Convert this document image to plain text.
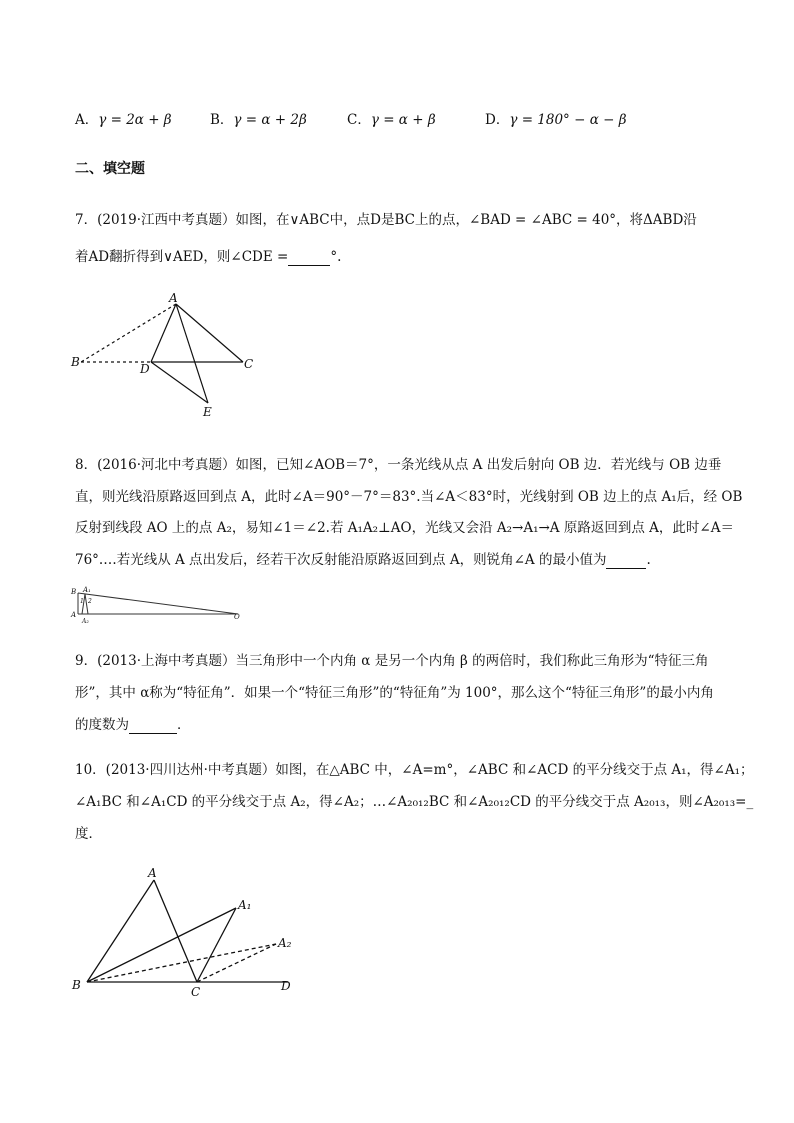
A．γ = 2α + β	B．γ = α + 2β	C．γ = α + β	D．γ = 180° − α − β
二、填空题
7．(2019·江西中考真题）如图，在∨ABC中，点D是BC上的点，∠BAD = ∠ABC = 40°，将ΔABD沿
着AD翻折得到∨AED，则∠CDE =	°.
A
B	C
D
E
8．(2016·河北中考真题）如图，已知∠AOB＝7°，一条光线从点 A 出发后射向 OB 边．若光线与 OB 边垂
直，则光线沿原路返回到点 A，此时∠A＝90°－7°＝83°.当∠A＜83°时，光线射到 OB 边上的点 A₁后，经 OB
反射到线段 AO 上的点 A₂，易知∠1＝∠2.若 A₁A₂⊥AO，光线又会沿 A₂→A₁→A 原路返回到点 A，此时∠A＝
76°.…若光线从 A 点出发后，经若干次反射能沿原路返回到点 A，则锐角∠A 的最小值为	.
B A₁
1 2
A
A₂
O
9．(2013·上海中考真题）当三角形中一个内角 α 是另一个内角 β 的两倍时，我们称此三角形为“特征三角
形”，其中 α称为“特征角”．如果一个“特征三角形”的“特征角”为 100°，那么这个“特征三角形”的最小内角
的度数为	．
10．(2013·四川达州·中考真题）如图，在△ABC 中，∠A=m°，∠ABC 和∠ACD 的平分线交于点 A₁，得∠A₁；
∠A₁BC 和∠A₁CD 的平分线交于点 A₂，得∠A₂；…∠A₂₀₁₂BC 和∠A₂₀₁₂CD 的平分线交于点 A₂₀₁₃，则∠A₂₀₁₃=_
度．
A
A₁
A₂
B	C	D
